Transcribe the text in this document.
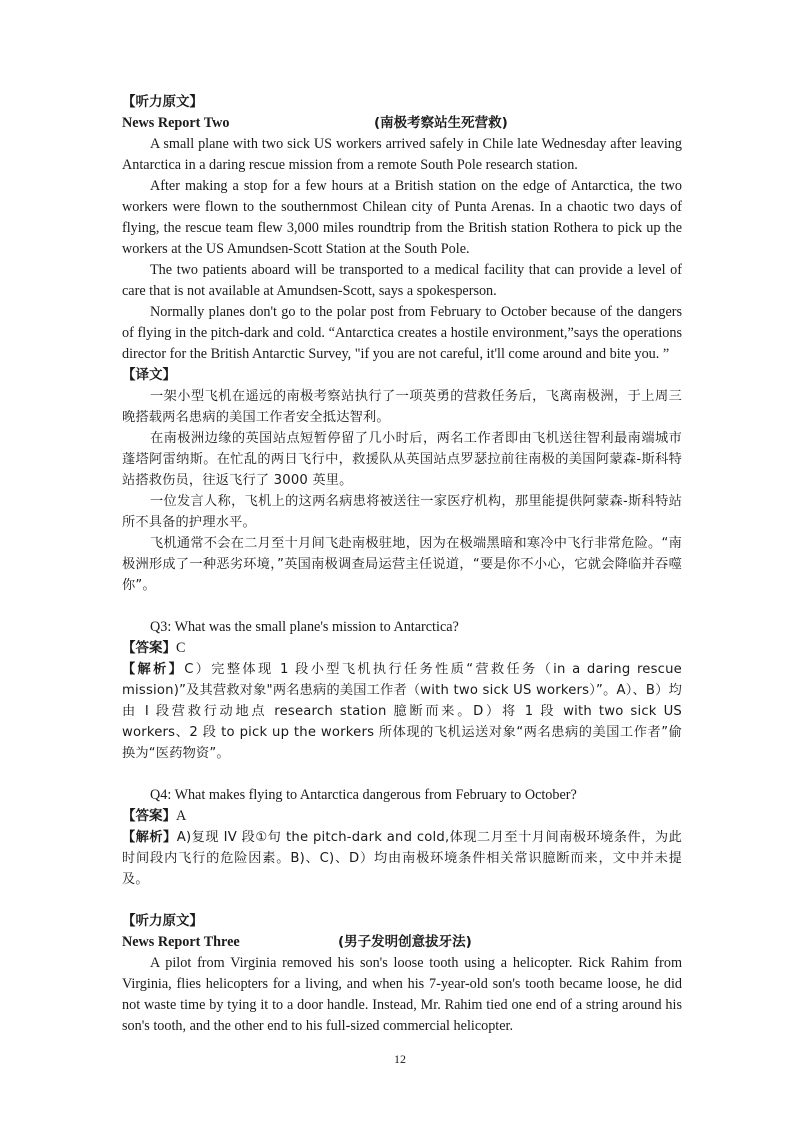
【听力原文】

News Report Two	(南极考察站生死营救)

A small plane with two sick US workers arrived safely in Chile late Wednesday after leaving Antarctica in a daring rescue mission from a remote South Pole research station.

After making a stop for a few hours at a British station on the edge of Antarctica, the two workers were flown to the southernmost Chilean city of Punta Arenas. In a chaotic two days of flying, the rescue team flew 3,000 miles roundtrip from the British station Rothera to pick up the workers at the US Amundsen-Scott Station at the South Pole.

The two patients aboard will be transported to a medical facility that can provide a level of care that is not available at Amundsen-Scott, says a spokesperson.

Normally planes don't go to the polar post from February to October because of the dangers of flying in the pitch-dark and cold. “Antarctica creates a hostile environment,”says the operations director for the British Antarctic Survey, "if you are not careful, it'll come around and bite you. ”

【译文】

一架小型飞机在遥远的南极考察站执行了一项英勇的营救任务后，飞离南极洲，于上周三晚搭载两名患病的美国工作者安全抵达智利。

在南极洲边缘的英国站点短暂停留了几小时后，两名工作者即由飞机送往智利最南端城市蓬塔阿雷纳斯。在忙乱的两日飞行中，救援队从英国站点罗瑟拉前往南极的美国阿蒙森-斯科特站搭救伤员，往返飞行了 3000 英里。

一位发言人称，飞机上的这两名病患将被送往一家医疗机构，那里能提供阿蒙森-斯科特站所不具备的护理水平。

飞机通常不会在二月至十月间飞赴南极驻地，因为在极端黑暗和寒冷中飞行非常危险。“南极洲形成了一种恶劣环境，”英国南极调查局运营主任说道，“要是你不小心，它就会降临并吞噬你”。

Q3: What was the small plane's mission to Antarctica?

【答案】C

【解析】C）完整体现 1 段小型飞机执行任务性质“营救任务（in a daring rescue mission)”及其营救对象"两名患病的美国工作者（with two sick US workers）”。A）、B）均由 I 段营救行动地点 research station 臆断而来。D）将 1 段 with two sick US workers、2 段 to pick up the workers 所体现的飞机运送对象“两名患病的美国工作者”偷换为“医药物资”。

Q4: What makes flying to Antarctica dangerous from February to October?

【答案】A

【解析】A)复现 IV 段①句 the pitch-dark and cold,体现二月至十月间南极环境条件，为此时间段内飞行的危险因素。B)、C)、D）均由南极环境条件相关常识臆断而来，文中并未提及。

【听力原文】

News Report Three	(男子发明创意拔牙法)

A pilot from Virginia removed his son's loose tooth using a helicopter. Rick Rahim from Virginia, flies helicopters for a living, and when his 7-year-old son's tooth became loose, he did not waste time by tying it to a door handle. Instead, Mr. Rahim tied one end of a string around his son's tooth, and the other end to his full-sized commercial helicopter.

12
